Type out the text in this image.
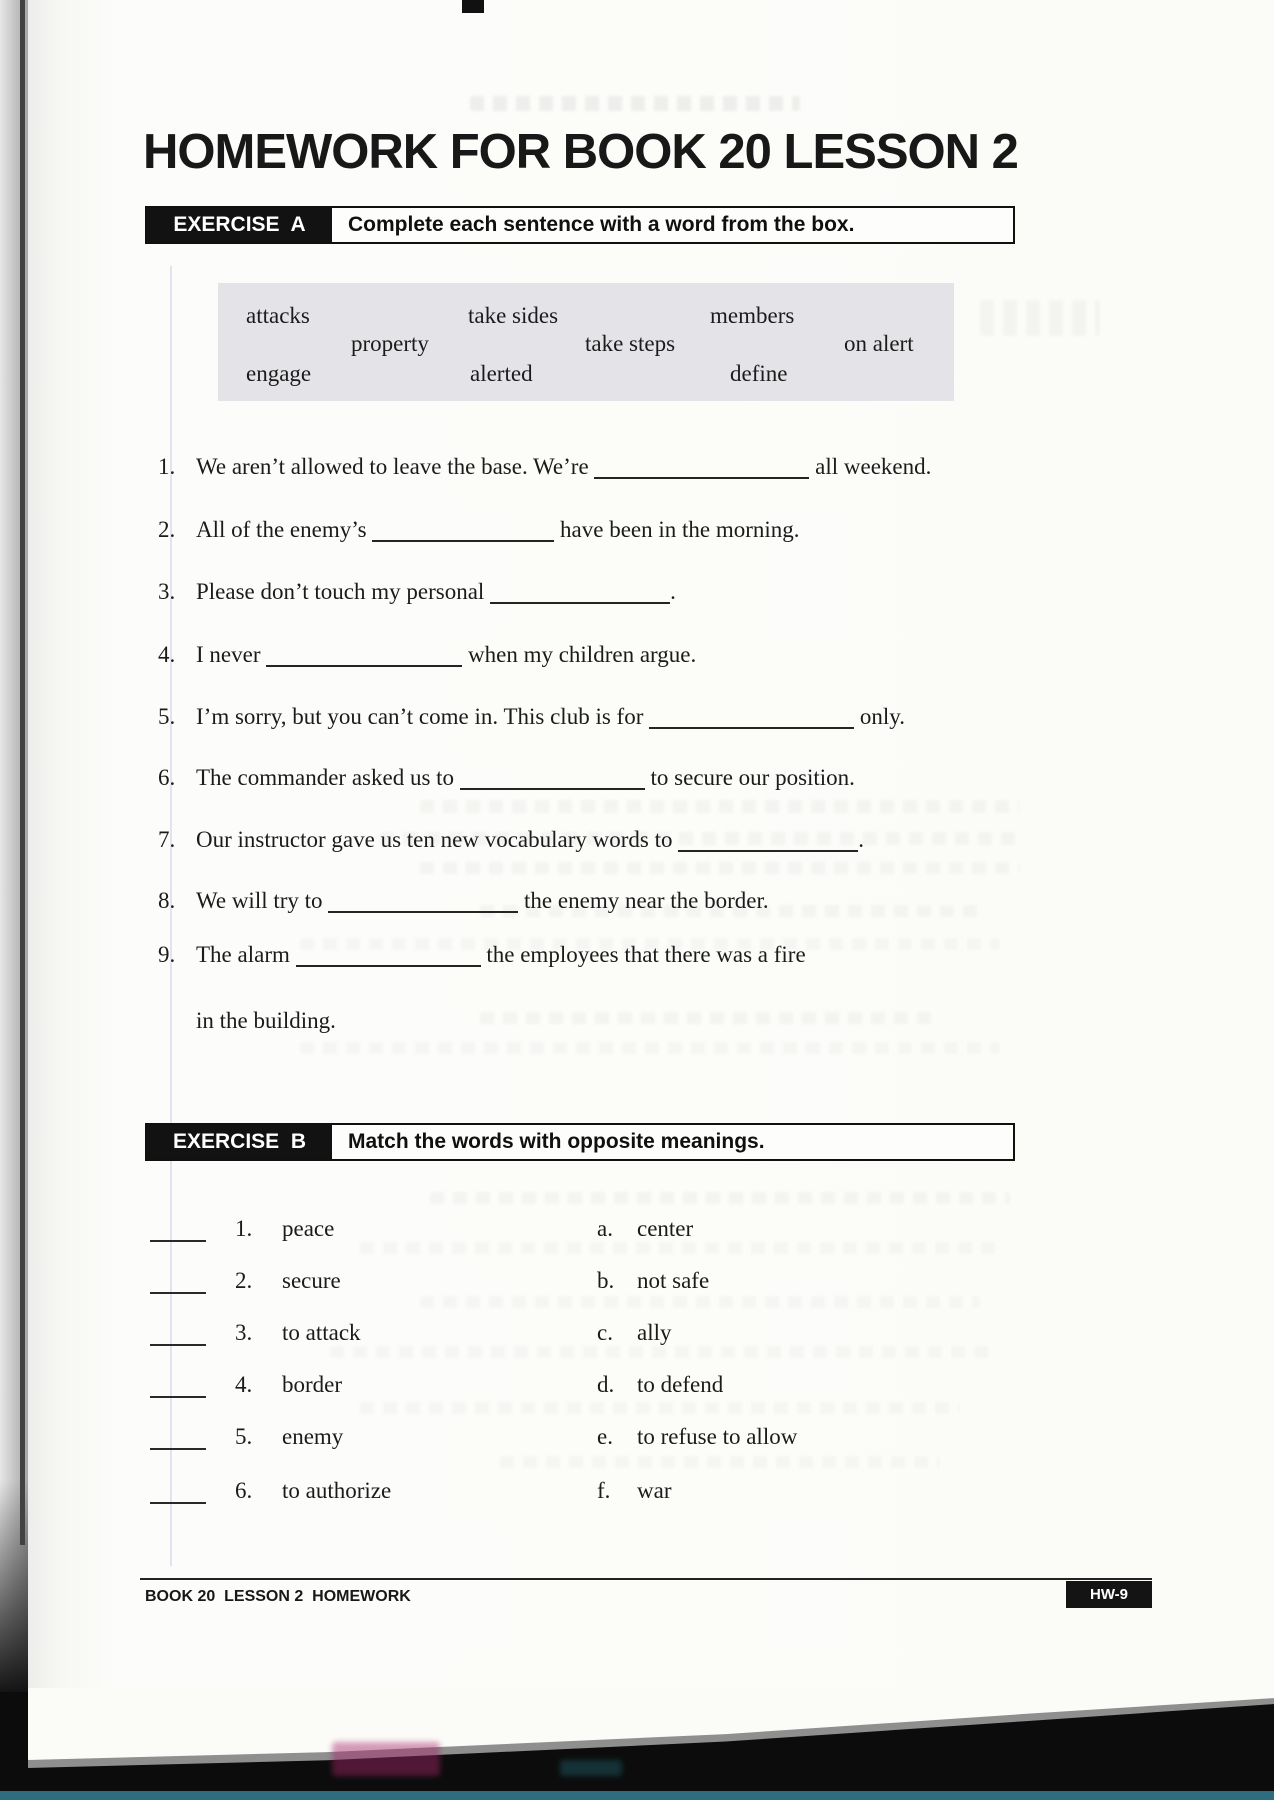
HOMEWORK FOR BOOK 20 LESSON 2
EXERCISE  A	Complete each sentence with a word from the box.
attacks	take sides	members
property	take steps	on alert
engage	alerted	define
1. We aren’t allowed to leave the base. We’re	all weekend.
2. All of the enemy’s	have been in the morning.
3. Please don’t touch my personal	.
4. I never	when my children argue.
5. I’m sorry, but you can’t come in. This club is for	only.
6. The commander asked us to	to secure our position.
7. Our instructor gave us ten new vocabulary words to	.
8. We will try to	the enemy near the border.
9. The alarm	the employees that there was a fire

in the building.

EXERCISE  B	Match the words with opposite meanings.
1. peace	a. center
2. secure	b. not safe
3. to attack	c. ally
4. border	d. to defend
5. enemy	e. to refuse to allow
6. to authorize	f. war
BOOK 20  LESSON 2  HOMEWORK	HW-9
